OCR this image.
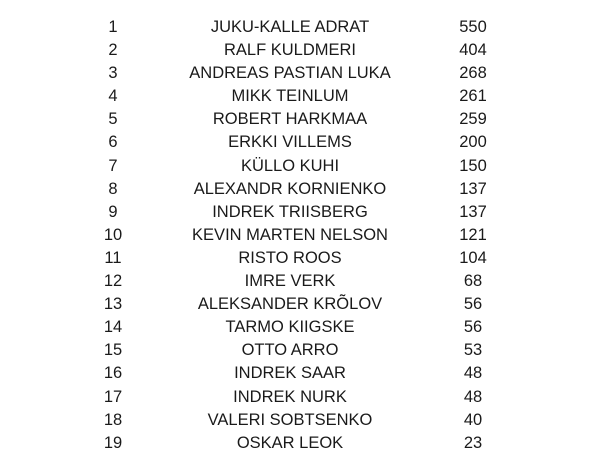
1	JUKU-KALLE ADRAT	550
2	RALF KULDMERI	404
3	ANDREAS PASTIAN LUKA	268
4	MIKK TEINLUM	261
5	ROBERT HARKMAA	259
6	ERKKI VILLEMS	200
7	KÜLLO KUHI	150
8	ALEXANDR KORNIENKO	137
9	INDREK TRIISBERG	137
10	KEVIN MARTEN NELSON	121
11	RISTO ROOS	104
12	IMRE VERK	68
13	ALEKSANDER KRÕLOV	56
14	TARMO KIIGSKE	56
15	OTTO ARRO	53
16	INDREK SAAR	48
17	INDREK NURK	48
18	VALERI SOBTSENKO	40
19	OSKAR LEOK	23
